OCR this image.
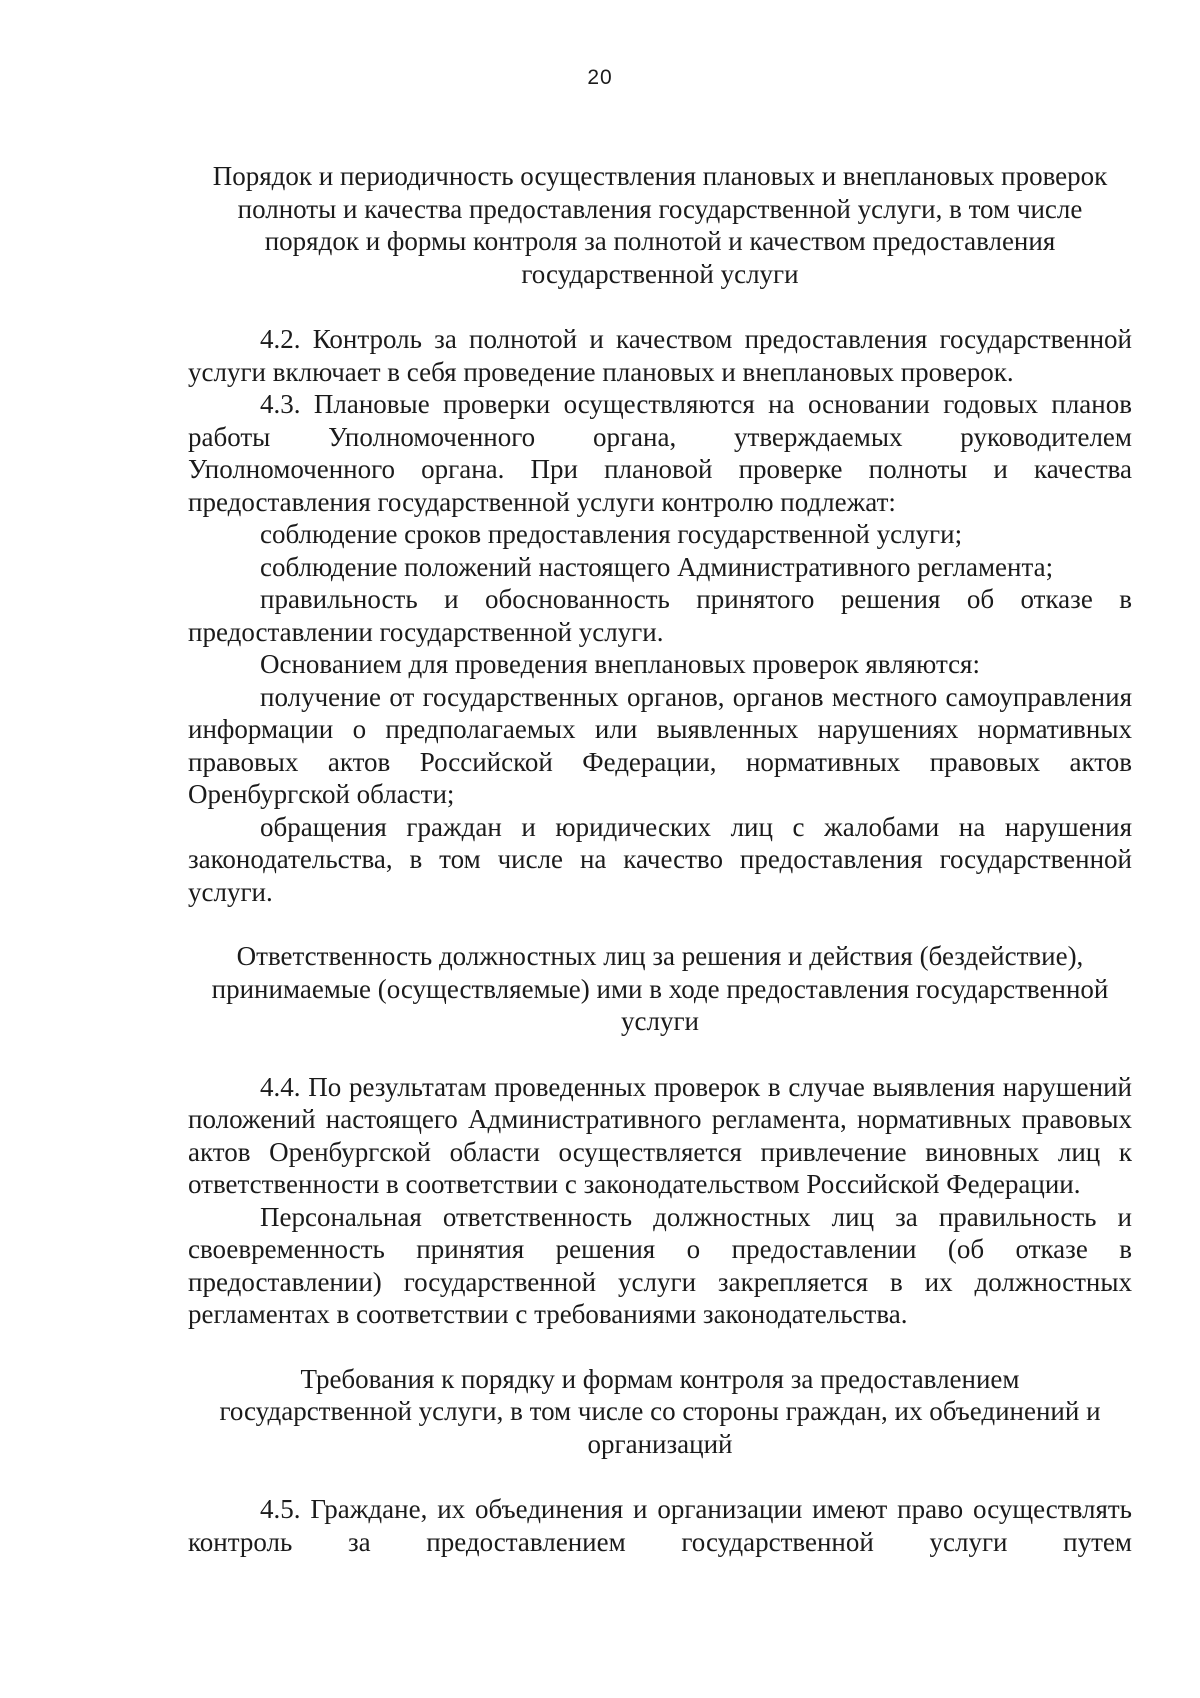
20
Порядок и периодичность осуществления плановых и внеплановых проверок
полноты и качества предоставления государственной услуги, в том числе
порядок и формы контроля за полнотой и качеством предоставления
государственной услуги

4.2. Контроль за полнотой и качеством предоставления государственной услуги включает в себя проведение плановых и внеплановых проверок.

4.3. Плановые проверки осуществляются на основании годовых планов работы Уполномоченного органа, утверждаемых руководителем Уполномоченного органа. При плановой проверке полноты и качества предоставления государственной услуги контролю подлежат:

соблюдение сроков предоставления государственной услуги;

соблюдение положений настоящего Административного регламента;

правильность и обоснованность принятого решения об отказе в предоставлении государственной услуги.

Основанием для проведения внеплановых проверок являются:

получение от государственных органов, органов местного самоуправления информации о предполагаемых или выявленных нарушениях нормативных правовых актов Российской Федерации, нормативных правовых актов Оренбургской области;

обращения граждан и юридических лиц с жалобами на нарушения законодательства, в том числе на качество предоставления государственной услуги.

Ответственность должностных лиц за решения и действия (бездействие),
принимаемые (осуществляемые) ими в ходе предоставления государственной
услуги

4.4. По результатам проведенных проверок в случае выявления нарушений положений настоящего Административного регламента, нормативных правовых актов Оренбургской области осуществляется привлечение виновных лиц к ответственности в соответствии с законодательством Российской Федерации.

Персональная ответственность должностных лиц за правильность и своевременность принятия решения о предоставлении (об отказе в предоставлении) государственной услуги закрепляется в их должностных регламентах в соответствии с требованиями законодательства.

Требования к порядку и формам контроля за предоставлением
государственной услуги, в том числе со стороны граждан, их объединений и
организаций

4.5. Граждане, их объединения и организации имеют право осуществлять контроль за предоставлением государственной услуги путем
